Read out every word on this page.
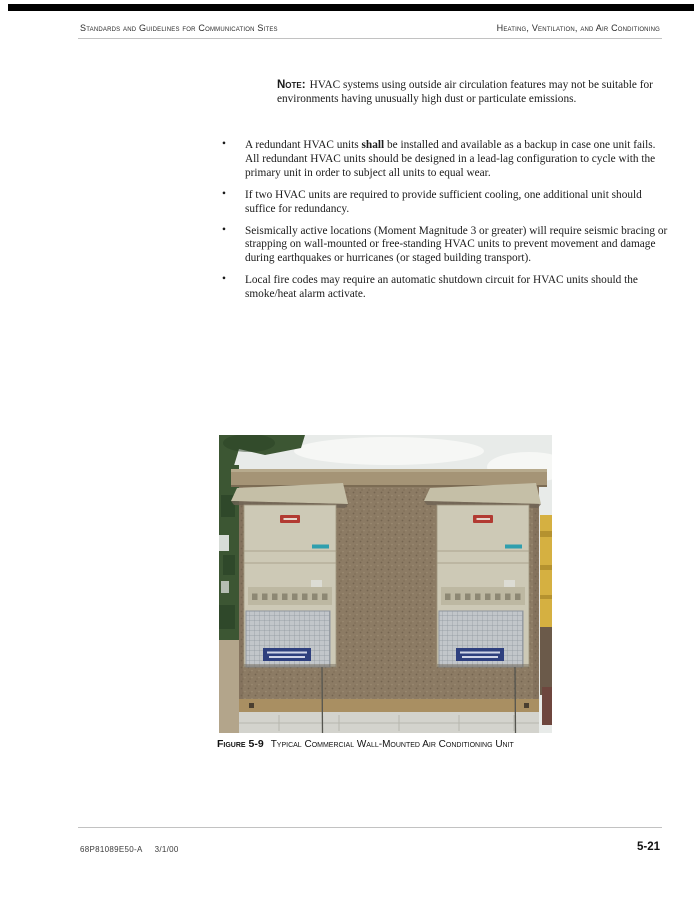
Standards and Guidelines for Communication Sites	Heating, Ventilation, and Air Conditioning

Note: HVAC systems using outside air circulation features may not be suitable for environments having unusually high dust or particulate emissions.

• A redundant HVAC units shall be installed and available as a backup in case one unit fails. All redundant HVAC units should be designed in a lead-lag configuration to cycle with the primary unit in order to subject all units to equal wear.
• If two HVAC units are required to provide sufficient cooling, one additional unit should suffice for redundancy.
• Seismically active locations (Moment Magnitude 3 or greater) will require seismic bracing or strapping on wall-mounted or free-standing HVAC units to prevent movement and damage during earthquakes or hurricanes (or staged building transport).
• Local fire codes may require an automatic shutdown circuit for HVAC units should the smoke/heat alarm activate.
Figure 5-9 Typical Commercial Wall-Mounted Air Conditioning Unit
68P81089E50-A 3/1/00	5-21
